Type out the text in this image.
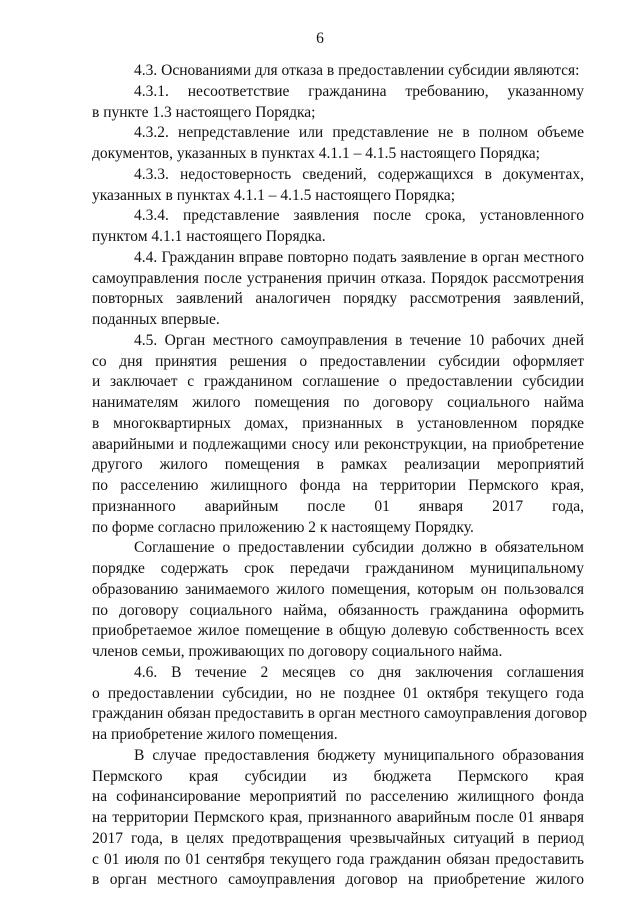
6
4.3. Основаниями для отказа в предоставлении субсидии являются:
4.3.1. несоответствие гражданина требованию, указанному
в пункте 1.3 настоящего Порядка;
4.3.2. непредставление или представление не в полном объеме
документов, указанных в пунктах 4.1.1 – 4.1.5 настоящего Порядка;
4.3.3. недостоверность сведений, содержащихся в документах,
указанных в пунктах 4.1.1 – 4.1.5 настоящего Порядка;
4.3.4. представление заявления после срока, установленного
пунктом 4.1.1 настоящего Порядка.
4.4. Гражданин вправе повторно подать заявление в орган местного
самоуправления после устранения причин отказа. Порядок рассмотрения
повторных заявлений аналогичен порядку рассмотрения заявлений,
поданных впервые.
4.5. Орган местного самоуправления в течение 10 рабочих дней
со дня принятия решения о предоставлении субсидии оформляет
и заключает с гражданином соглашение о предоставлении субсидии
нанимателям жилого помещения по договору социального найма
в многоквартирных домах, признанных в установленном порядке
аварийными и подлежащими сносу или реконструкции, на приобретение
другого жилого помещения в рамках реализации мероприятий
по расселению жилищного фонда на территории Пермского края,
признанного аварийным после 01 января 2017 года,
по форме согласно приложению 2 к настоящему Порядку.
Соглашение о предоставлении субсидии должно в обязательном
порядке содержать срок передачи гражданином муниципальному
образованию занимаемого жилого помещения, которым он пользовался
по договору социального найма, обязанность гражданина оформить
приобретаемое жилое помещение в общую долевую собственность всех
членов семьи, проживающих по договору социального найма.
4.6. В течение 2 месяцев со дня заключения соглашения
о предоставлении субсидии, но не позднее 01 октября текущего года
гражданин обязан предоставить в орган местного самоуправления договор
на приобретение жилого помещения.
В случае предоставления бюджету муниципального образования
Пермского края субсидии из бюджета Пермского края
на софинансирование мероприятий по расселению жилищного фонда
на территории Пермского края, признанного аварийным после 01 января
2017 года, в целях предотвращения чрезвычайных ситуаций в период
с 01 июля по 01 сентября текущего года гражданин обязан предоставить
в орган местного самоуправления договор на приобретение жилого
